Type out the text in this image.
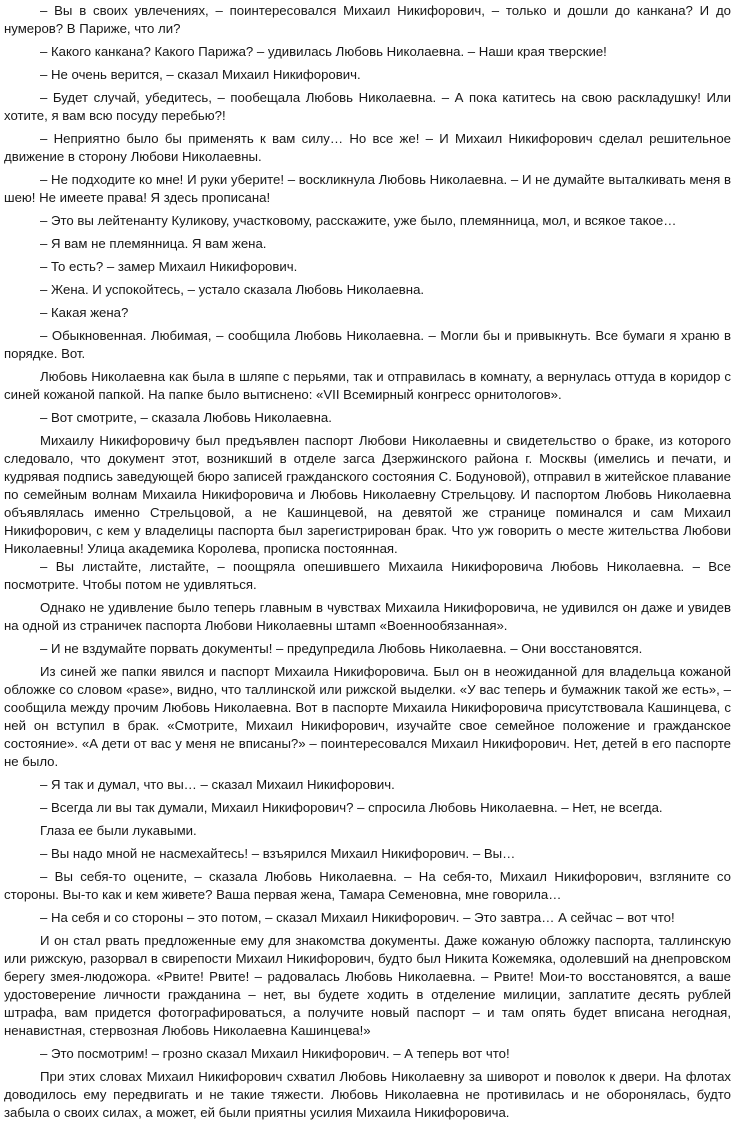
– Вы в своих увлечениях, – поинтересовался Михаил Никифорович, – только и дошли до канкана? И до нумеров? В Париже, что ли?

– Какого канкана? Какого Парижа? – удивилась Любовь Николаевна. – Наши края тверские!

– Не очень верится, – сказал Михаил Никифорович.

– Будет случай, убедитесь, – пообещала Любовь Николаевна. – А пока катитесь на свою раскладушку! Или хотите, я вам всю посуду перебью?!

– Неприятно было бы применять к вам силу… Но все же! – И Михаил Никифорович сделал решительное движение в сторону Любови Николаевны.

– Не подходите ко мне! И руки уберите! – воскликнула Любовь Николаевна. – И не думайте выталкивать меня в шею! Не имеете права! Я здесь прописана!

– Это вы лейтенанту Куликову, участковому, расскажите, уже было, племянница, мол, и всякое такое…

– Я вам не племянница. Я вам жена.

– То есть? – замер Михаил Никифорович.

– Жена. И успокойтесь, – устало сказала Любовь Николаевна.

– Какая жена?

– Обыкновенная. Любимая, – сообщила Любовь Николаевна. – Могли бы и привыкнуть. Все бумаги я храню в порядке. Вот.

Любовь Николаевна как была в шляпе с перьями, так и отправилась в комнату, а вернулась оттуда в коридор с синей кожаной папкой. На папке было вытиснено: «VII Всемирный конгресс орнитологов».

– Вот смотрите, – сказала Любовь Николаевна.

Михаилу Никифоровичу был предъявлен паспорт Любови Николаевны и свидетельство о браке, из которого следовало, что документ этот, возникший в отделе загса Дзержинского района г. Москвы (имелись и печати, и кудрявая подпись заведующей бюро записей гражданского состояния С. Бодуновой), отправил в житейское плавание по семейным волнам Михаила Никифоровича и Любовь Николаевну Стрельцову. И паспортом Любовь Николаевна объявлялась именно Стрельцовой, а не Кашинцевой, на девятой же странице поминался и сам Михаил Никифорович, с кем у владелицы паспорта был зарегистрирован брак. Что уж говорить о месте жительства Любови Николаевны! Улица академика Королева, прописка постоянная.

– Вы листайте, листайте, – поощряла опешившего Михаила Никифоровича Любовь Николаевна. – Все посмотрите. Чтобы потом не удивляться.

Однако не удивление было теперь главным в чувствах Михаила Никифоровича, не удивился он даже и увидев на одной из страничек паспорта Любови Николаевны штамп «Военнообязанная».

– И не вздумайте порвать документы! – предупредила Любовь Николаевна. – Они восстановятся.

Из синей же папки явился и паспорт Михаила Никифоровича. Был он в неожиданной для владельца кожаной обложке со словом «pase», видно, что таллинской или рижской выделки. «У вас теперь и бумажник такой же есть», – сообщила между прочим Любовь Николаевна. Вот в паспорте Михаила Никифоровича присутствовала Кашинцева, с ней он вступил в брак. «Смотрите, Михаил Никифорович, изучайте свое семейное положение и гражданское состояние». «А дети от вас у меня не вписаны?» – поинтересовался Михаил Никифорович. Нет, детей в его паспорте не было.

– Я так и думал, что вы… – сказал Михаил Никифорович.

– Всегда ли вы так думали, Михаил Никифорович? – спросила Любовь Николаевна. – Нет, не всегда.

Глаза ее были лукавыми.

– Вы надо мной не насмехайтесь! – взъярился Михаил Никифорович. – Вы…

– Вы себя-то оцените, – сказала Любовь Николаевна. – На себя-то, Михаил Никифорович, взгляните со стороны. Вы-то как и кем живете? Ваша первая жена, Тамара Семеновна, мне говорила…

– На себя и со стороны – это потом, – сказал Михаил Никифорович. – Это завтра… А сейчас – вот что!

И он стал рвать предложенные ему для знакомства документы. Даже кожаную обложку паспорта, таллинскую или рижскую, разорвал в свирепости Михаил Никифорович, будто был Никита Кожемяка, одолевший на днепровском берегу змея-людожора. «Рвите! Рвите! – радовалась Любовь Николаевна. – Рвите! Мои-то восстановятся, а ваше удостоверение личности гражданина – нет, вы будете ходить в отделение милиции, заплатите десять рублей штрафа, вам придется фотографироваться, а получите новый паспорт – и там опять будет вписана негодная, ненавистная, стервозная Любовь Николаевна Кашинцева!»

– Это посмотрим! – грозно сказал Михаил Никифорович. – А теперь вот что!

При этих словах Михаил Никифорович схватил Любовь Николаевну за шиворот и поволок к двери. На флотах доводилось ему передвигать и не такие тяжести. Любовь Николаевна не противилась и не оборонялась, будто забыла о своих силах, а может, ей были приятны усилия Михаила Никифоровича.
